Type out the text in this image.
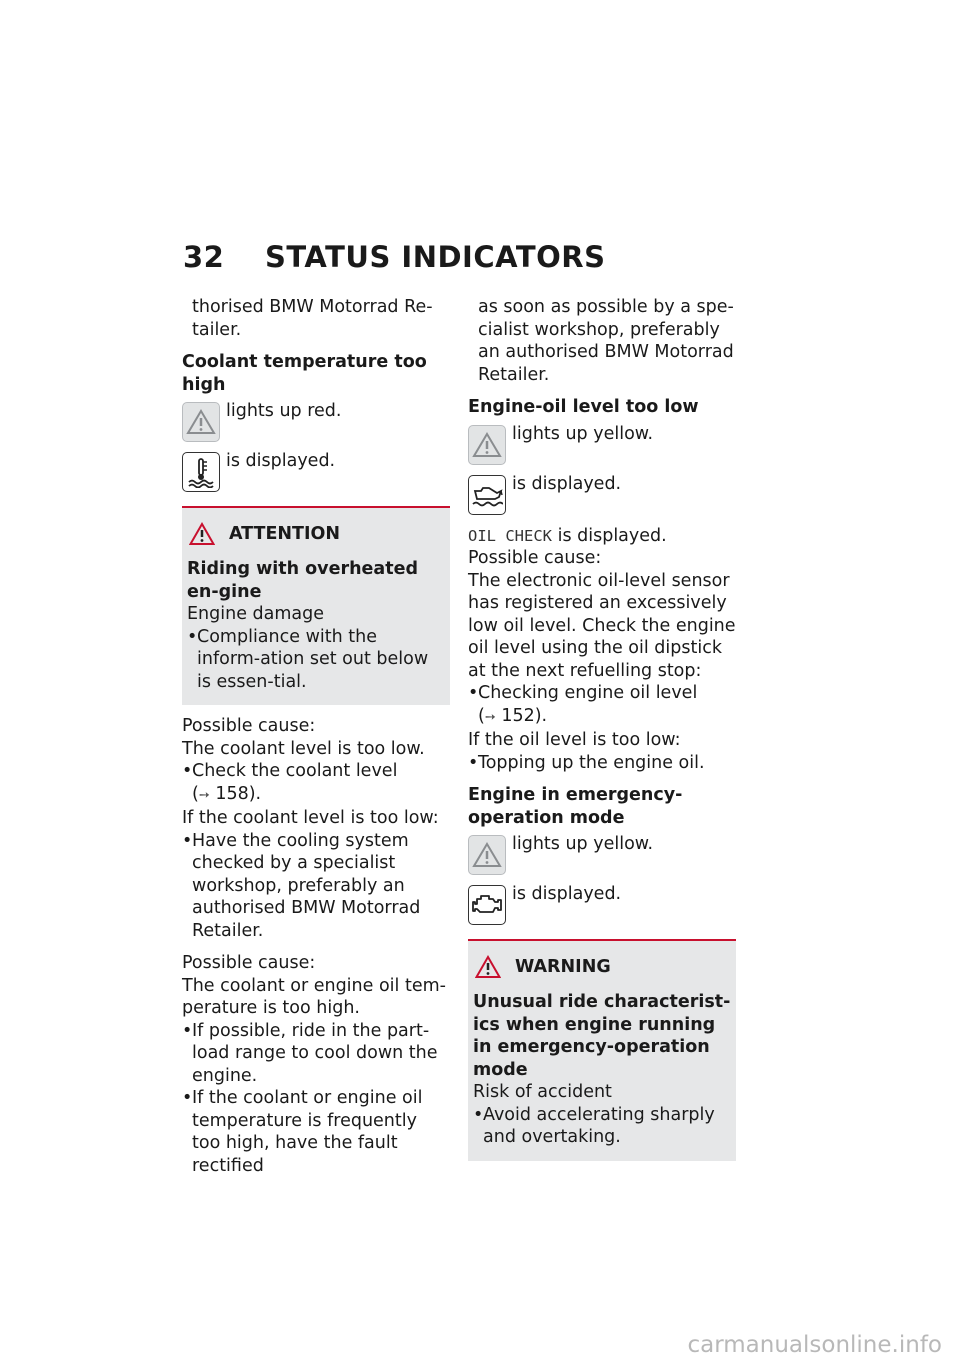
32 STATUS INDICATORS

thorised BMW Motorrad Re-tailer.

Coolant temperature too high

lights up red.
is displayed.
ATTENTION

Riding with overheated en-gine

Engine damage

• Compliance with the inform-ation set out below is essen-tial.

Possible cause:

The coolant level is too low.

• Check the coolant level
(➙ 158).

If the coolant level is too low:

• Have the cooling system checked by a specialist workshop, preferably an authorised BMW Motorrad Retailer.

Possible cause:

The coolant or engine oil tem-perature is too high.

• If possible, ride in the part-load range to cool down the engine.
• If the coolant or engine oil temperature is frequently too high, have the fault rectified

as soon as possible by a spe-cialist workshop, preferably an authorised BMW Motorrad Retailer.

Engine-oil level too low

lights up yellow.
is displayed.

OIL CHECK is displayed.

Possible cause:

The electronic oil-level sensor has registered an excessively low oil level. Check the engine oil level using the oil dipstick at the next refuelling stop:

• Checking engine oil level
(➙ 152).

If the oil level is too low:

• Topping up the engine oil.

Engine in emergency-operation mode

lights up yellow.
is displayed.
WARNING

Unusual ride characterist-ics when engine running in emergency-operation mode

Risk of accident

• Avoid accelerating sharply and overtaking.
carmanualsonline.info
